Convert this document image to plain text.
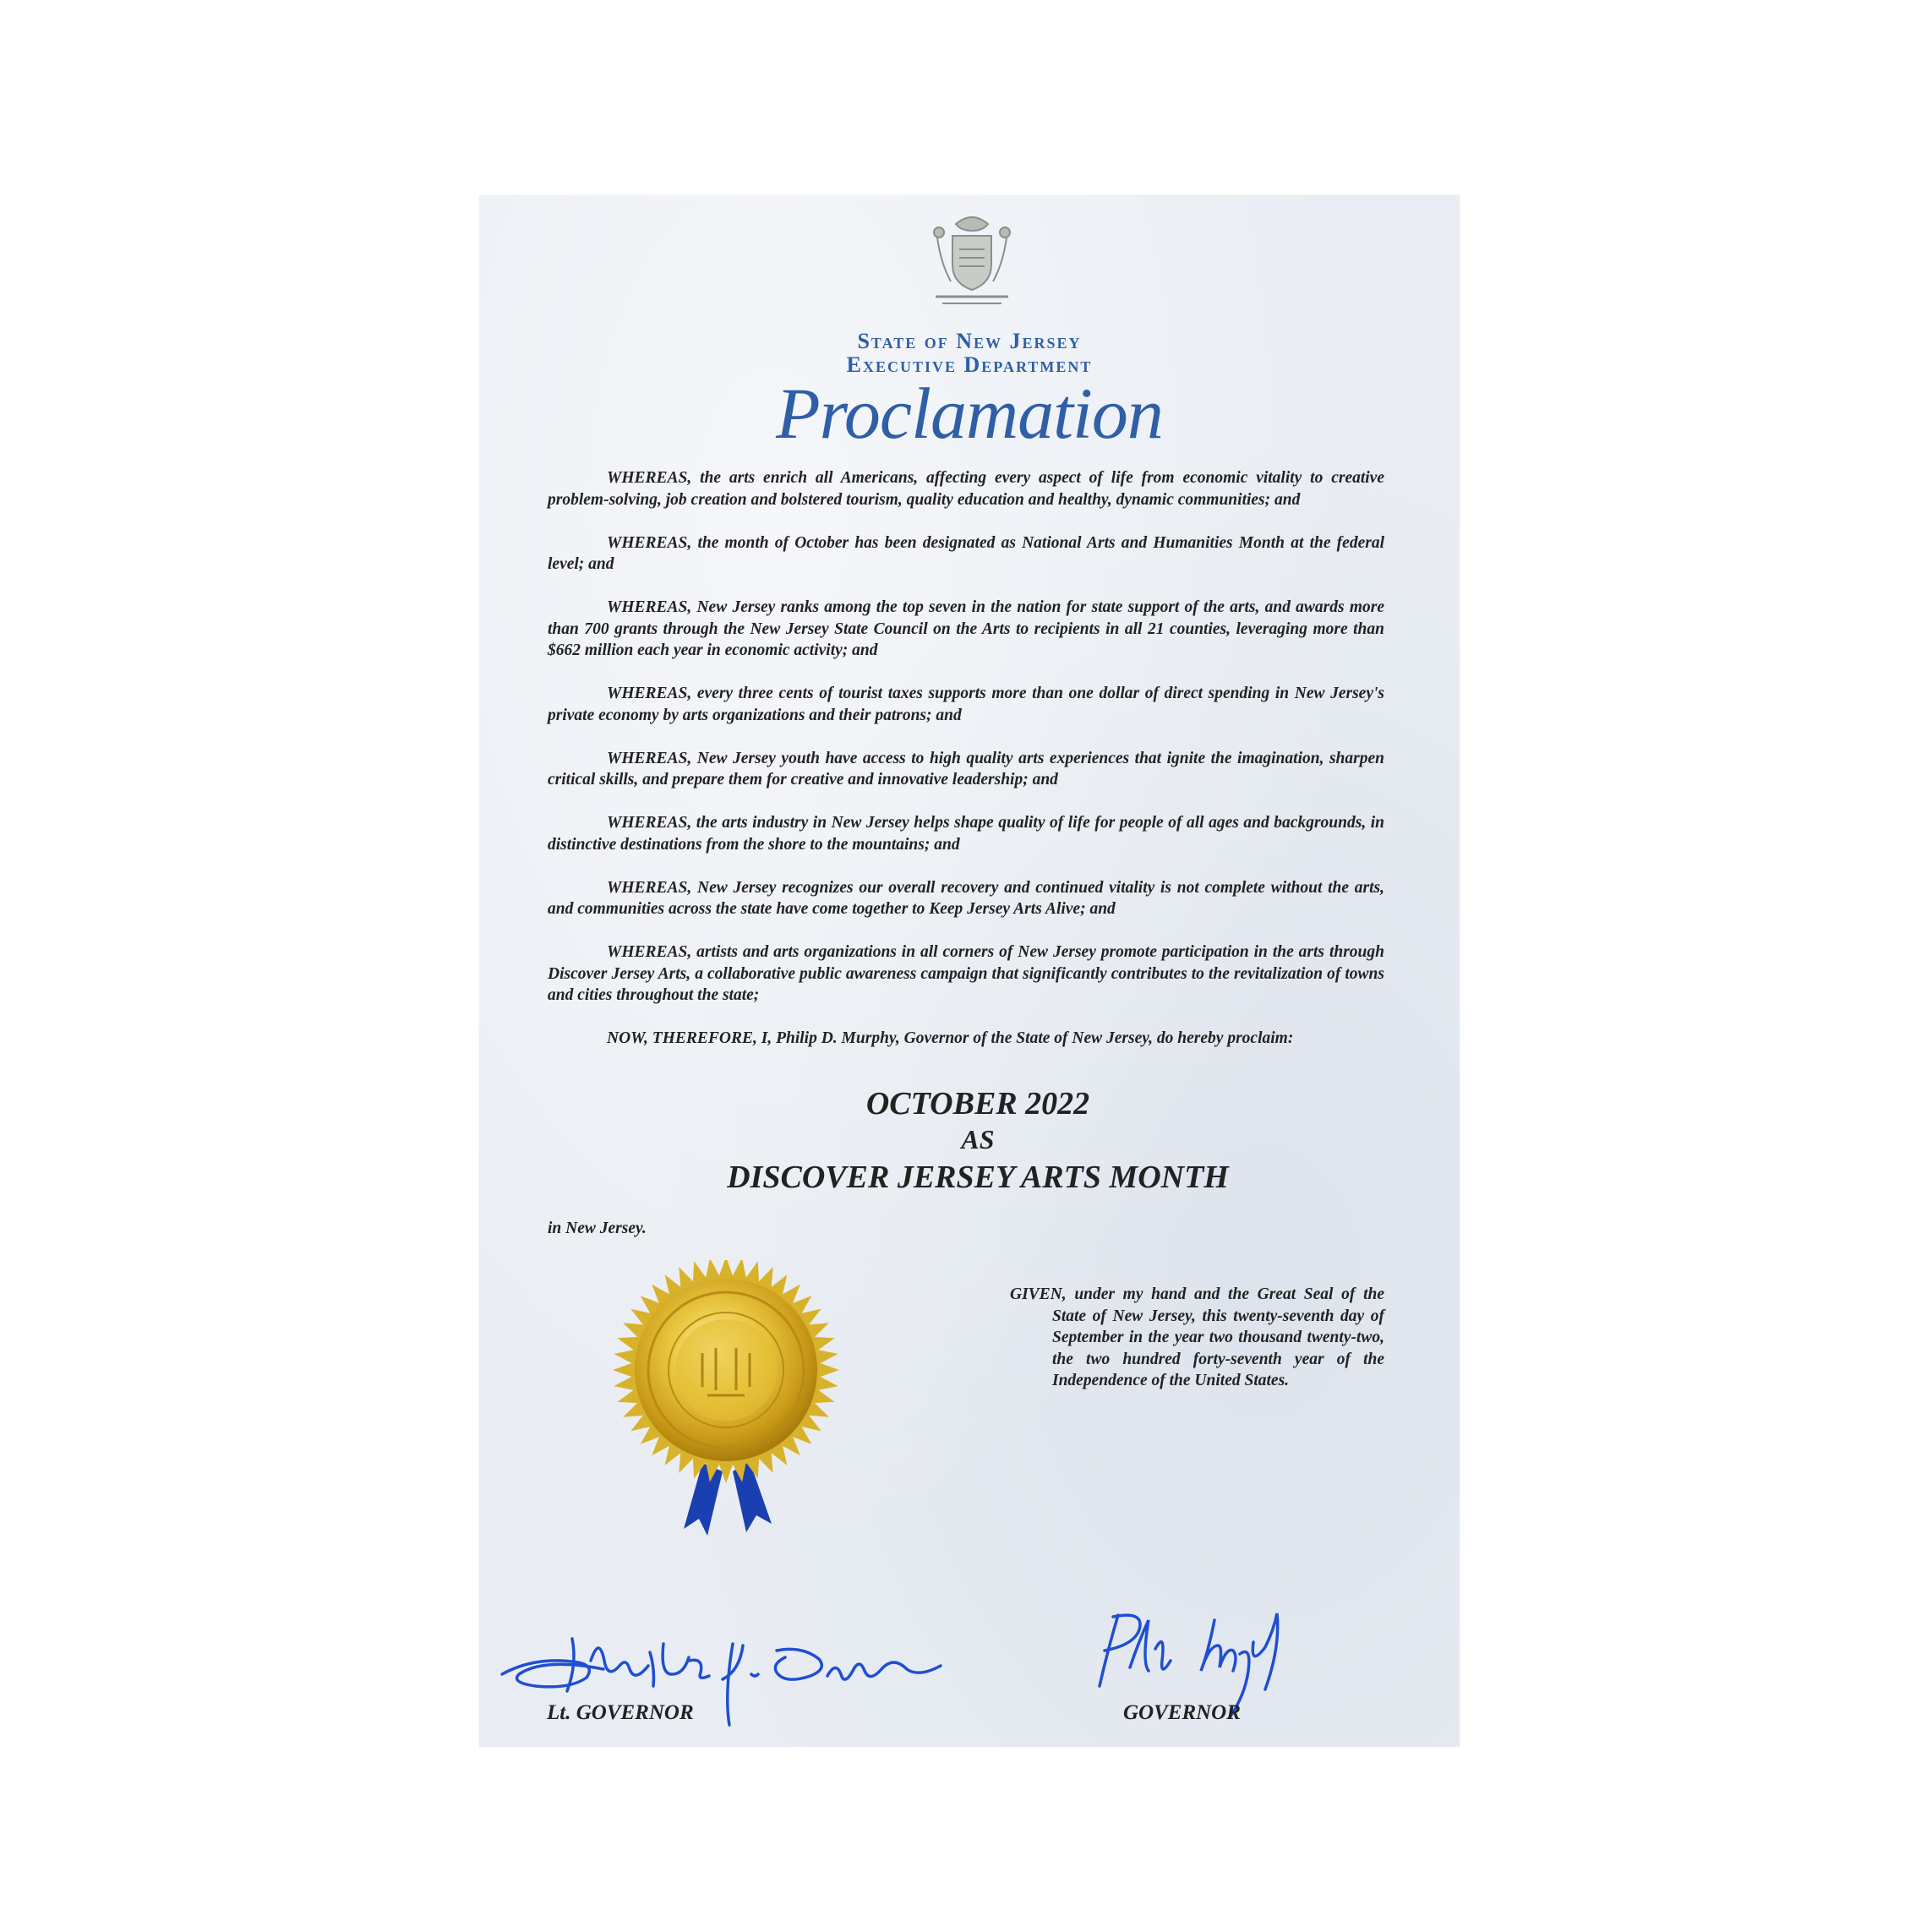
State of New Jersey
Executive Department
Proclamation

WHEREAS, the arts enrich all Americans, affecting every aspect of life from economic vitality to creative problem-solving, job creation and bolstered tourism, quality education and healthy, dynamic communities; and

WHEREAS, the month of October has been designated as National Arts and Humanities Month at the federal level; and

WHEREAS, New Jersey ranks among the top seven in the nation for state support of the arts, and awards more than 700 grants through the New Jersey State Council on the Arts to recipients in all 21 counties, leveraging more than $662 million each year in economic activity; and

WHEREAS, every three cents of tourist taxes supports more than one dollar of direct spending in New Jersey's private economy by arts organizations and their patrons; and

WHEREAS, New Jersey youth have access to high quality arts experiences that ignite the imagination, sharpen critical skills, and prepare them for creative and innovative leadership; and

WHEREAS, the arts industry in New Jersey helps shape quality of life for people of all ages and backgrounds, in distinctive destinations from the shore to the mountains; and

WHEREAS, New Jersey recognizes our overall recovery and continued vitality is not complete without the arts, and communities across the state have come together to Keep Jersey Arts Alive; and

WHEREAS, artists and arts organizations in all corners of New Jersey promote participation in the arts through Discover Jersey Arts, a collaborative public awareness campaign that significantly contributes to the revitalization of towns and cities throughout the state;

NOW, THEREFORE, I, Philip D. Murphy, Governor of the State of New Jersey, do hereby proclaim:

OCTOBER 2022
AS
DISCOVER JERSEY ARTS MONTH
in New Jersey.
GIVEN, under my hand and the Great Seal of the State of New Jersey, this twenty-seventh day of September in the year two thousand twenty-two, the two hundred forty-seventh year of the Independence of the United States.
Lt. GOVERNOR	GOVERNOR
